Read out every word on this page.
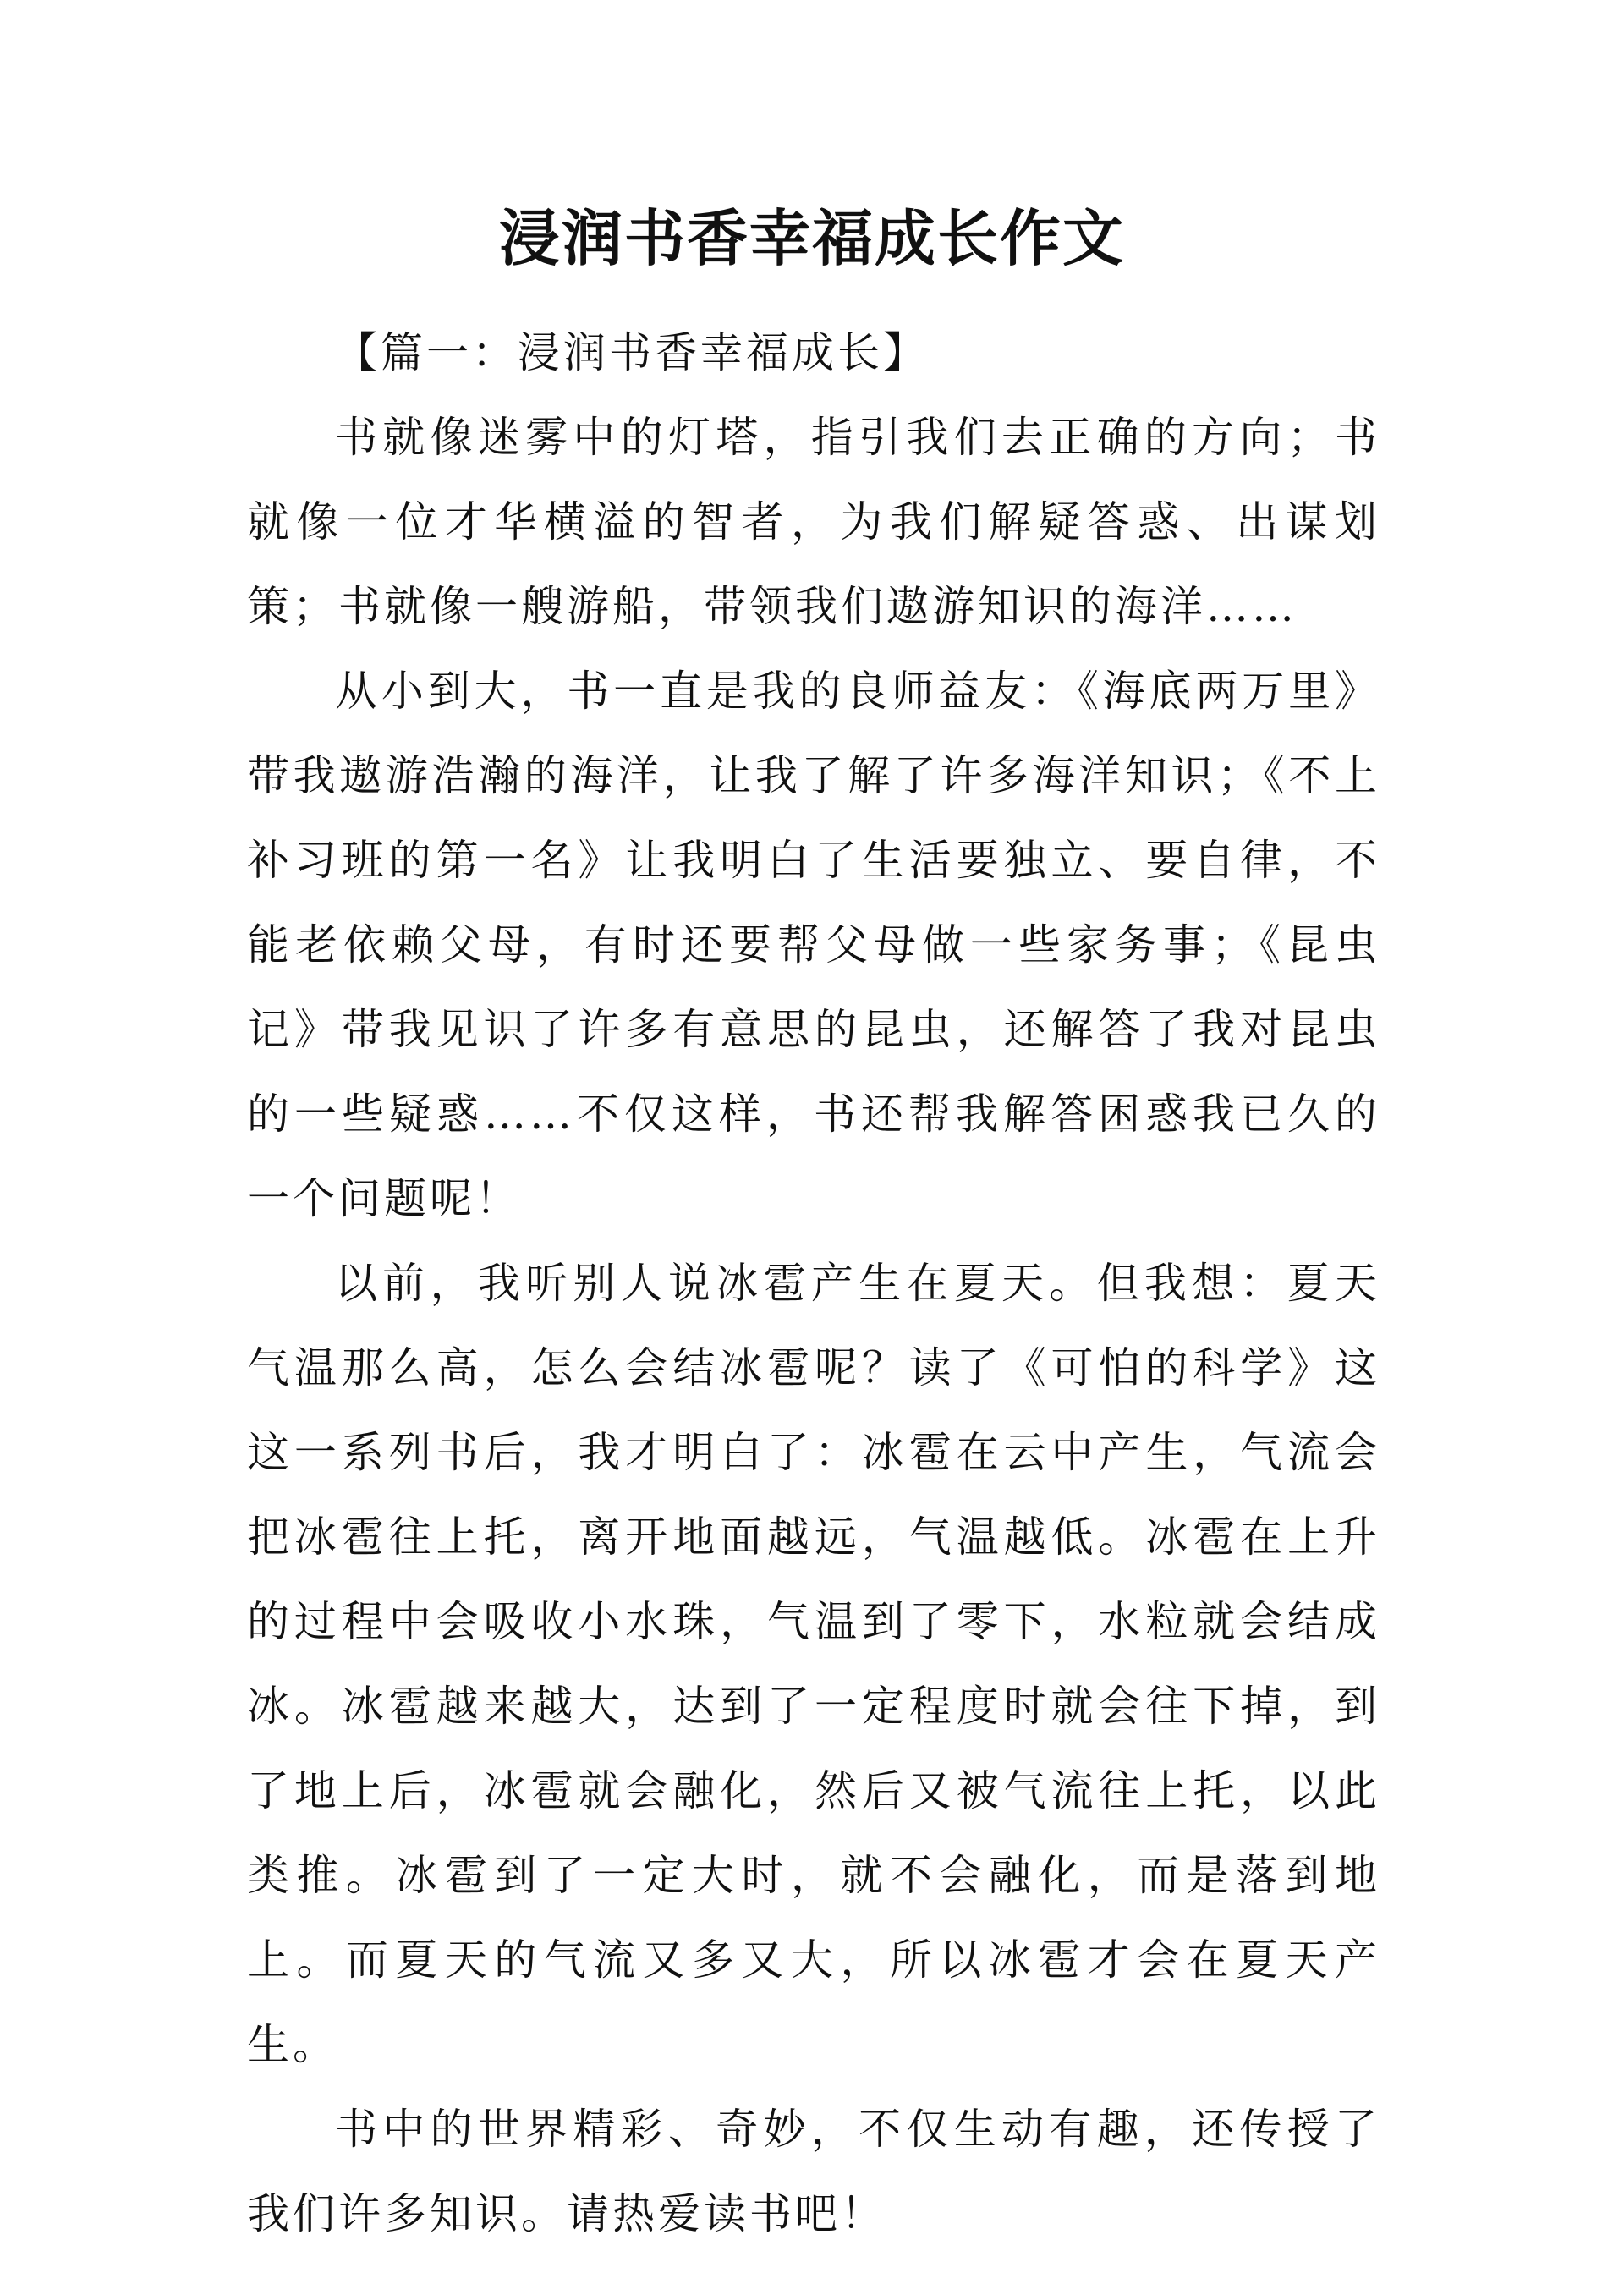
浸润书香幸福成长作文

【篇一：浸润书香幸福成长】

书就像迷雾中的灯塔，指引我们去正确的方向；书就像一位才华横溢的智者，为我们解疑答惑、出谋划策；书就像一艘游船，带领我们遨游知识的海洋……

从小到大，书一直是我的良师益友：《海底两万里》带我遨游浩瀚的海洋，让我了解了许多海洋知识；《不上补习班的第一名》让我明白了生活要独立、要自律，不能老依赖父母，有时还要帮父母做一些家务事；《昆虫记》带我见识了许多有意思的昆虫，还解答了我对昆虫的一些疑惑……不仅这样，书还帮我解答困惑我已久的一个问题呢！

以前，我听别人说冰雹产生在夏天。但我想：夏天气温那么高，怎么会结冰雹呢？读了《可怕的科学》这这一系列书后，我才明白了：冰雹在云中产生，气流会把冰雹往上托，离开地面越远，气温越低。冰雹在上升的过程中会吸收小水珠，气温到了零下，水粒就会结成冰。冰雹越来越大，达到了一定程度时就会往下掉，到了地上后，冰雹就会融化，然后又被气流往上托，以此类推。冰雹到了一定大时，就不会融化，而是落到地上。而夏天的气流又多又大，所以冰雹才会在夏天产生。

书中的世界精彩、奇妙，不仅生动有趣，还传授了我们许多知识。请热爱读书吧！
